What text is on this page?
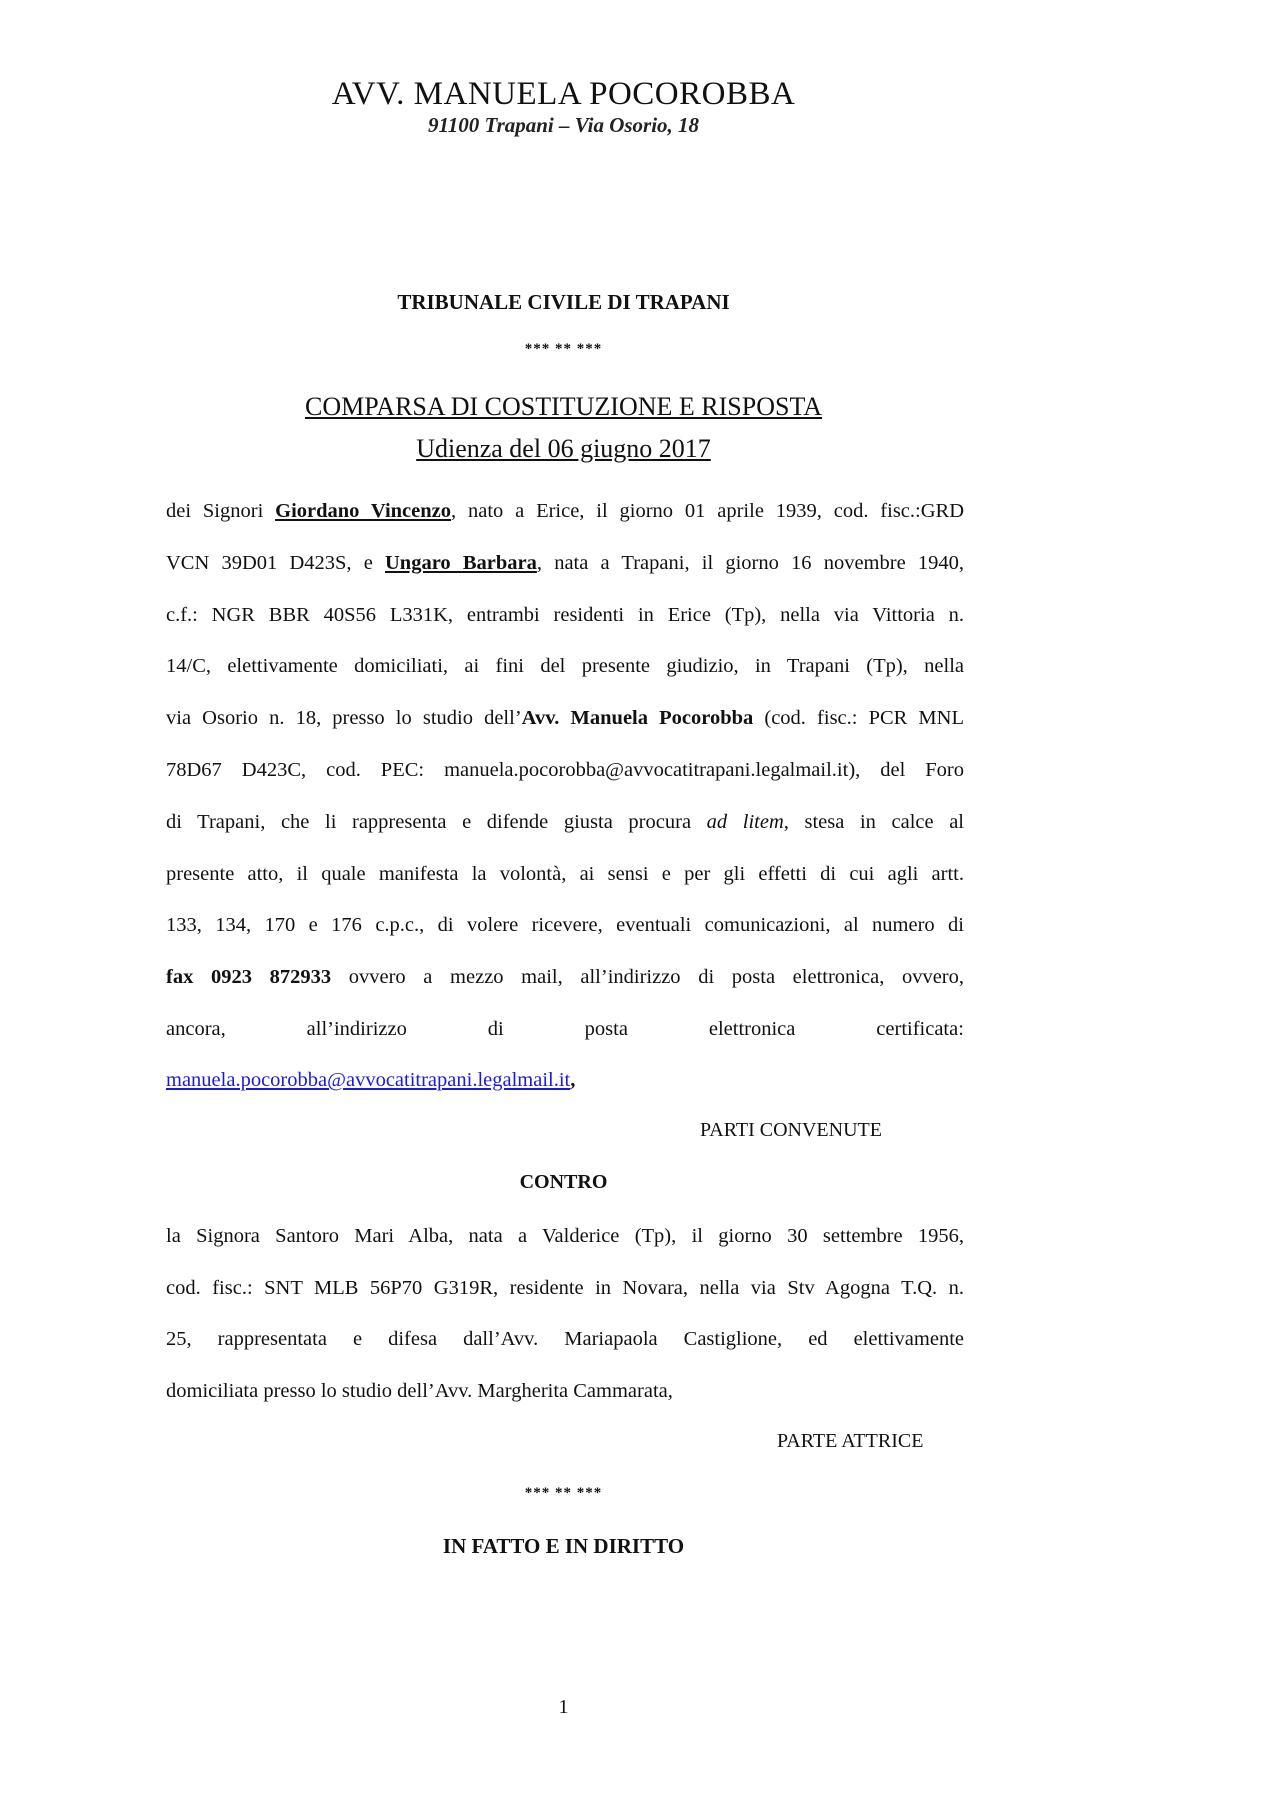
AVV. MANUELA POCOROBBA
91100 Trapani – Via Osorio, 18
TRIBUNALE CIVILE DI TRAPANI
*** ** ***
COMPARSA DI COSTITUZIONE E RISPOSTA
Udienza del 06 giugno 2017
dei Signori Giordano Vincenzo, nato a Erice, il giorno 01 aprile 1939, cod. fisc.:GRD
VCN 39D01 D423S, e Ungaro Barbara, nata a Trapani, il giorno 16 novembre 1940,
c.f.: NGR BBR 40S56 L331K, entrambi residenti in Erice (Tp), nella via Vittoria n.
14/C, elettivamente domiciliati, ai fini del presente giudizio, in Trapani (Tp), nella
via Osorio n. 18, presso lo studio dell’Avv. Manuela Pocorobba (cod. fisc.: PCR MNL
78D67 D423C, cod. PEC: manuela.pocorobba@avvocatitrapani.legalmail.it), del Foro
di Trapani, che li rappresenta e difende giusta procura ad litem, stesa in calce al
presente atto, il quale manifesta la volontà, ai sensi e per gli effetti di cui agli artt.
133, 134, 170 e 176 c.p.c., di volere ricevere, eventuali comunicazioni, al numero di
fax 0923 872933 ovvero a mezzo mail, all’indirizzo di posta elettronica, ovvero,
ancora,	all’indirizzo	di	posta	elettronica	certificata:
manuela.pocorobba@avvocatitrapani.legalmail.it,
PARTI CONVENUTE
CONTRO
la Signora Santoro Mari Alba, nata a Valderice (Tp), il giorno 30 settembre 1956,
cod. fisc.: SNT MLB 56P70 G319R, residente in Novara, nella via Stv Agogna T.Q. n.
25, rappresentata e difesa dall’Avv. Mariapaola Castiglione, ed elettivamente
domiciliata presso lo studio dell’Avv. Margherita Cammarata,
PARTE ATTRICE
*** ** ***
IN FATTO E IN DIRITTO
1
